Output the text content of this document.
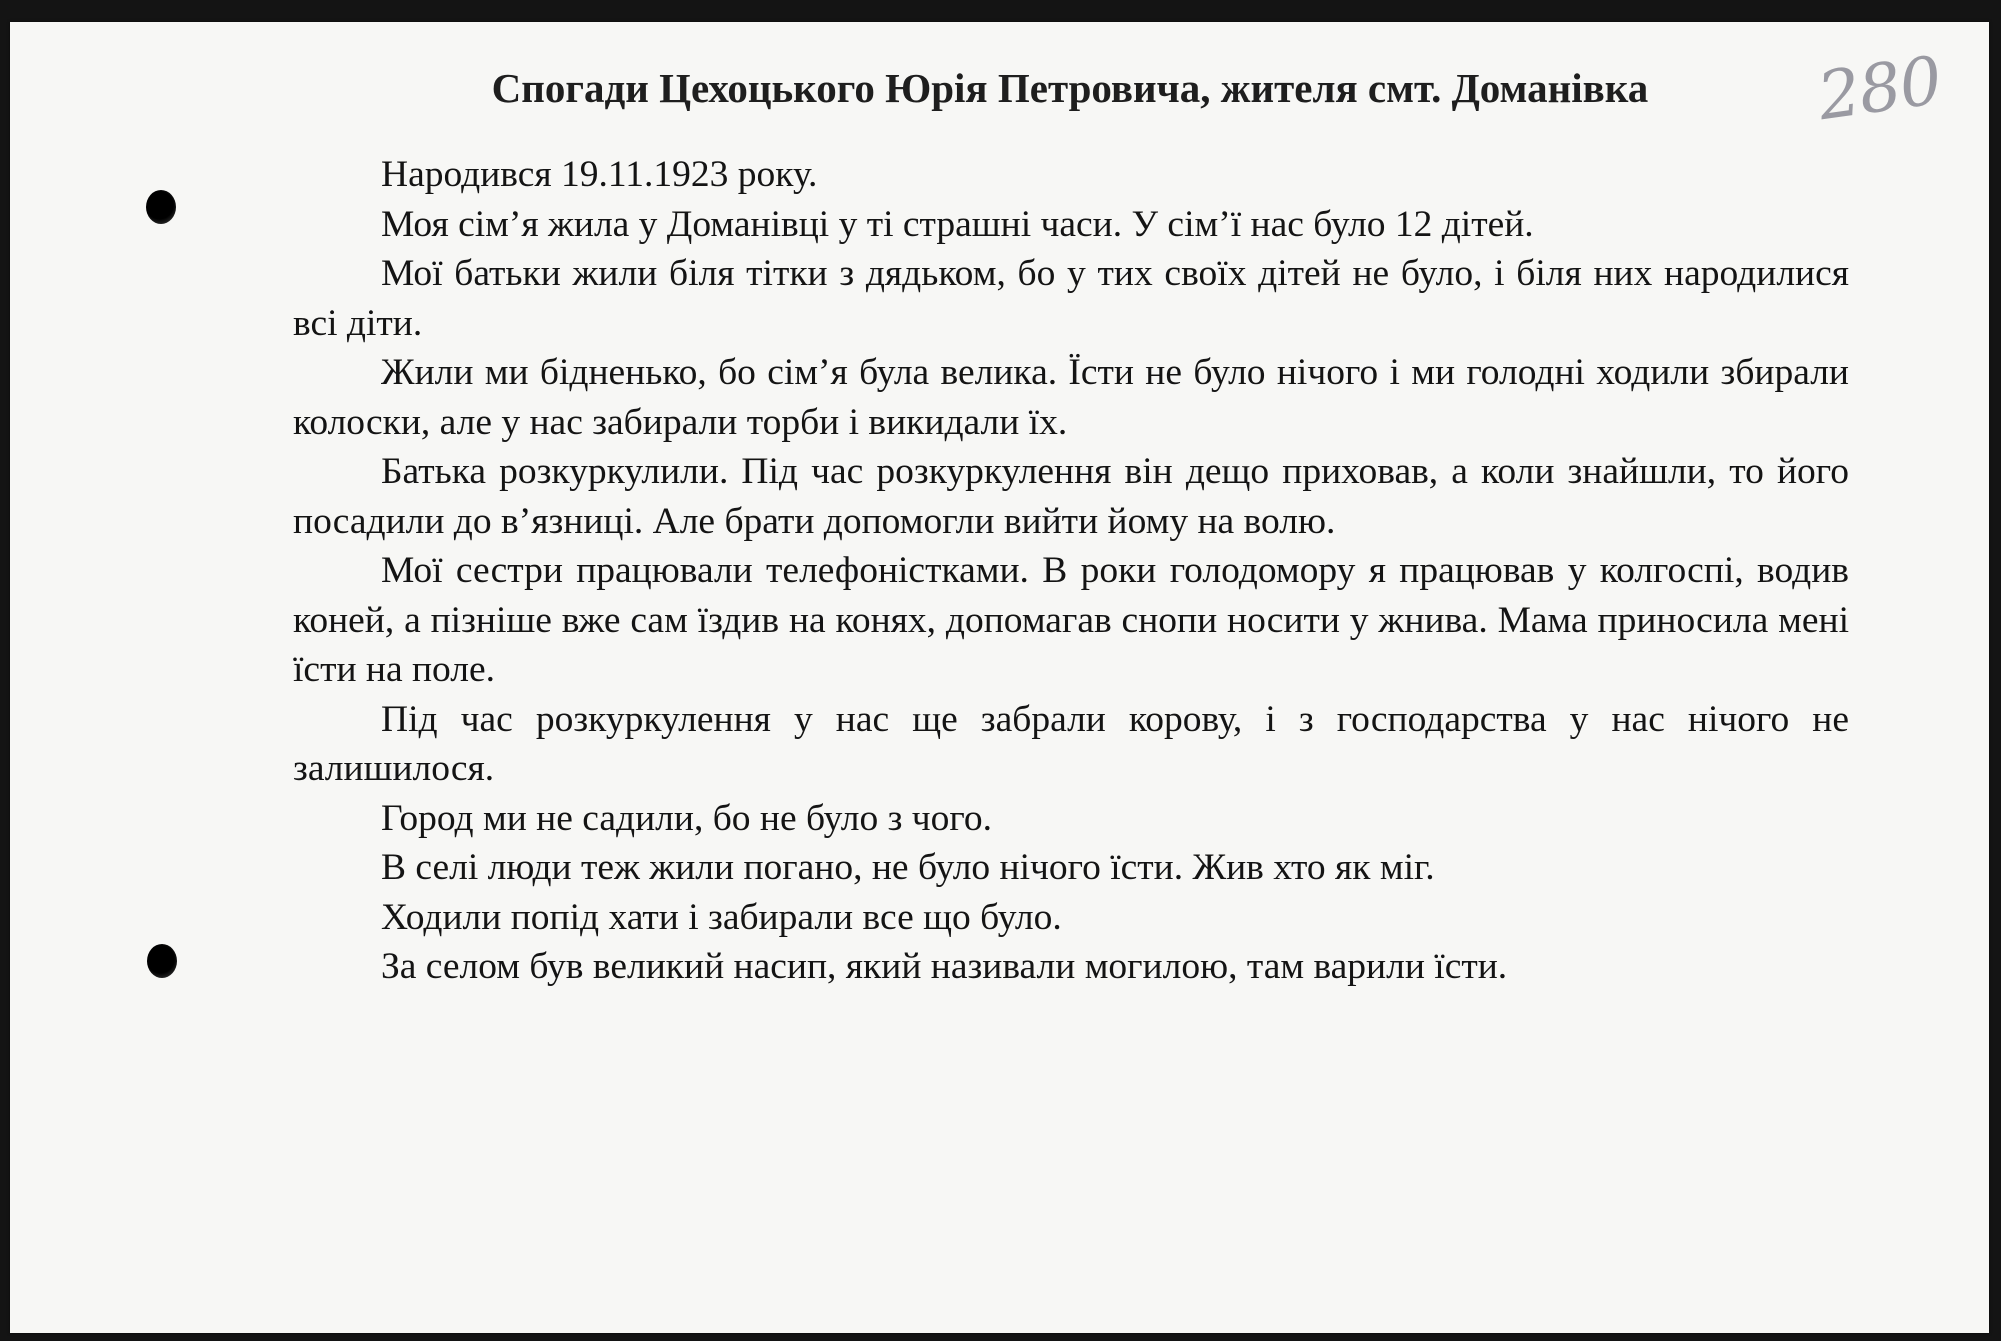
Спогади Цехоцького Юрія Петровича, жителя смт. Доманівка	280

Народився 19.11.1923 року.

Моя сім’я жила у Доманівці у ті страшні часи. У сім’ї нас було 12 дітей.

Мої батьки жили біля тітки з дядьком, бо у тих своїх дітей не було, і біля них народилися всі діти.

Жили ми бідненько, бо сім’я була велика. Їсти не було нічого і ми голодні ходили збирали колоски, але у нас забирали торби і викидали їх.

Батька розкуркулили. Під час розкуркулення він дещо приховав, а коли знайшли, то його посадили до в’язниці. Але брати допомогли вийти йому на волю.

Мої сестри працювали телефоністками. В роки голодомору я працював у колгоспі, водив коней, а пізніше вже сам їздив на конях, допомагав снопи носити у жнива. Мама приносила мені їсти на поле.

Під час розкуркулення у нас ще забрали корову, і з господарства у нас нічого не залишилося.

Город ми не садили, бо не було з чого.

В селі люди теж жили погано, не було нічого їсти. Жив хто як міг.

Ходили попід хати і забирали все що було.

За селом був великий насип, який називали могилою, там варили їсти.
